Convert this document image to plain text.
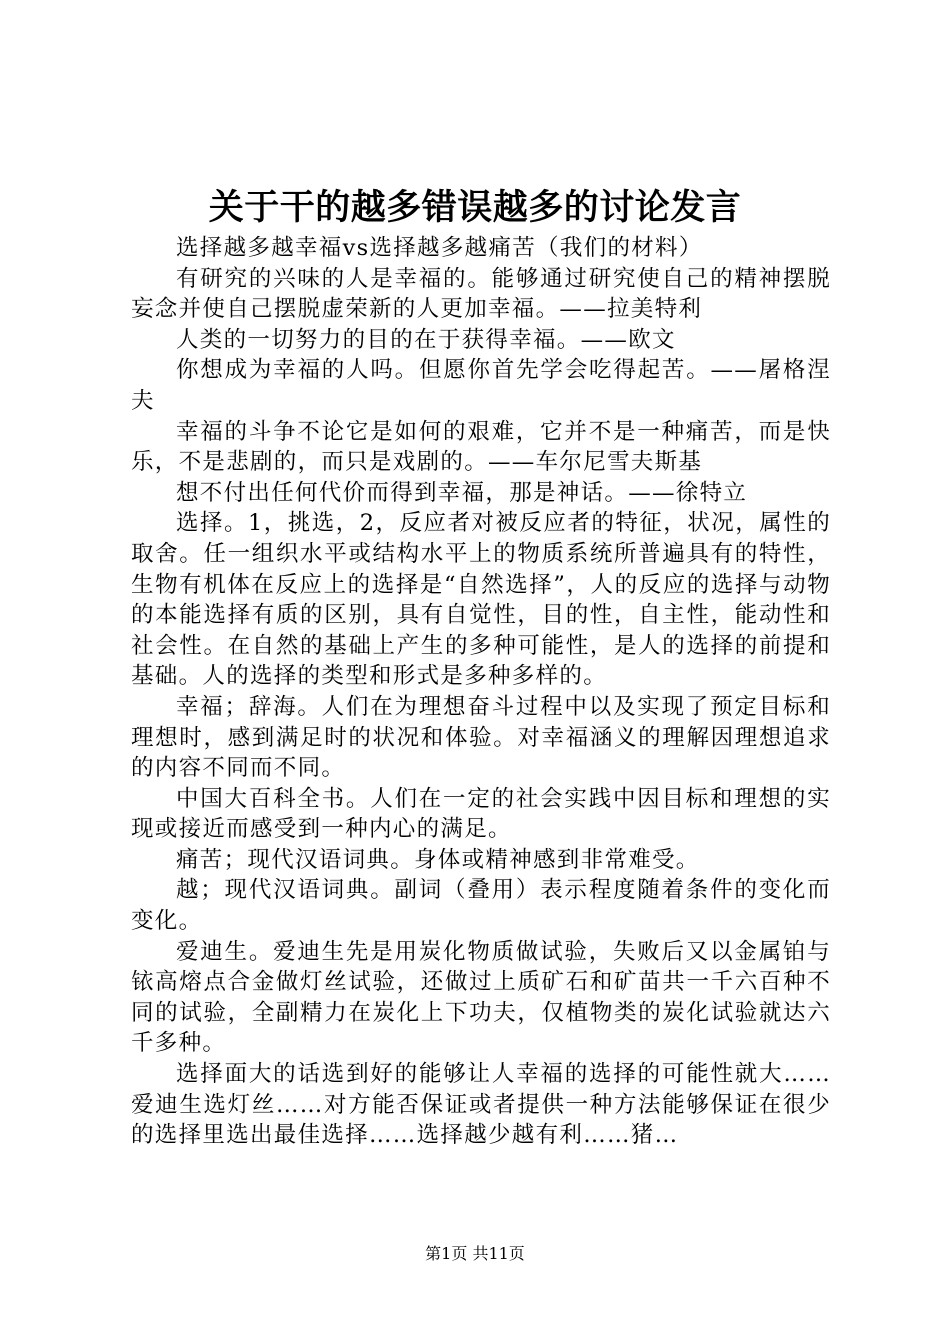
关于干的越多错误越多的讨论发言

选择越多越幸福vs选择越多越痛苦（我们的材料）

有研究的兴味的人是幸福的。能够通过研究使自己的精神摆脱妄念并使自己摆脱虚荣新的人更加幸福。——拉美特利

人类的一切努力的目的在于获得幸福。——欧文

你想成为幸福的人吗。但愿你首先学会吃得起苦。——屠格涅夫

幸福的斗争不论它是如何的艰难，它并不是一种痛苦，而是快乐，不是悲剧的，而只是戏剧的。——车尔尼雪夫斯基

想不付出任何代价而得到幸福，那是神话。——徐特立

选择。1，挑选，2，反应者对被反应者的特征，状况，属性的取舍。任一组织水平或结构水平上的物质系统所普遍具有的特性，生物有机体在反应上的选择是“自然选择”，人的反应的选择与动物的本能选择有质的区别，具有自觉性，目的性，自主性，能动性和社会性。在自然的基础上产生的多种可能性，是人的选择的前提和基础。人的选择的类型和形式是多种多样的。

幸福；辞海。人们在为理想奋斗过程中以及实现了预定目标和理想时，感到满足时的状况和体验。对幸福涵义的理解因理想追求的内容不同而不同。

中国大百科全书。人们在一定的社会实践中因目标和理想的实现或接近而感受到一种内心的满足。

痛苦；现代汉语词典。身体或精神感到非常难受。

越；现代汉语词典。副词（叠用）表示程度随着条件的变化而变化。

爱迪生。爱迪生先是用炭化物质做试验，失败后又以金属铂与铱高熔点合金做灯丝试验，还做过上质矿石和矿苗共一千六百种不同的试验，全副精力在炭化上下功夫，仅植物类的炭化试验就达六千多种。

选择面大的话选到好的能够让人幸福的选择的可能性就大……爱迪生选灯丝……对方能否保证或者提供一种方法能够保证在很少的选择里选出最佳选择……选择越少越有利……猪…

第1页 共11页
